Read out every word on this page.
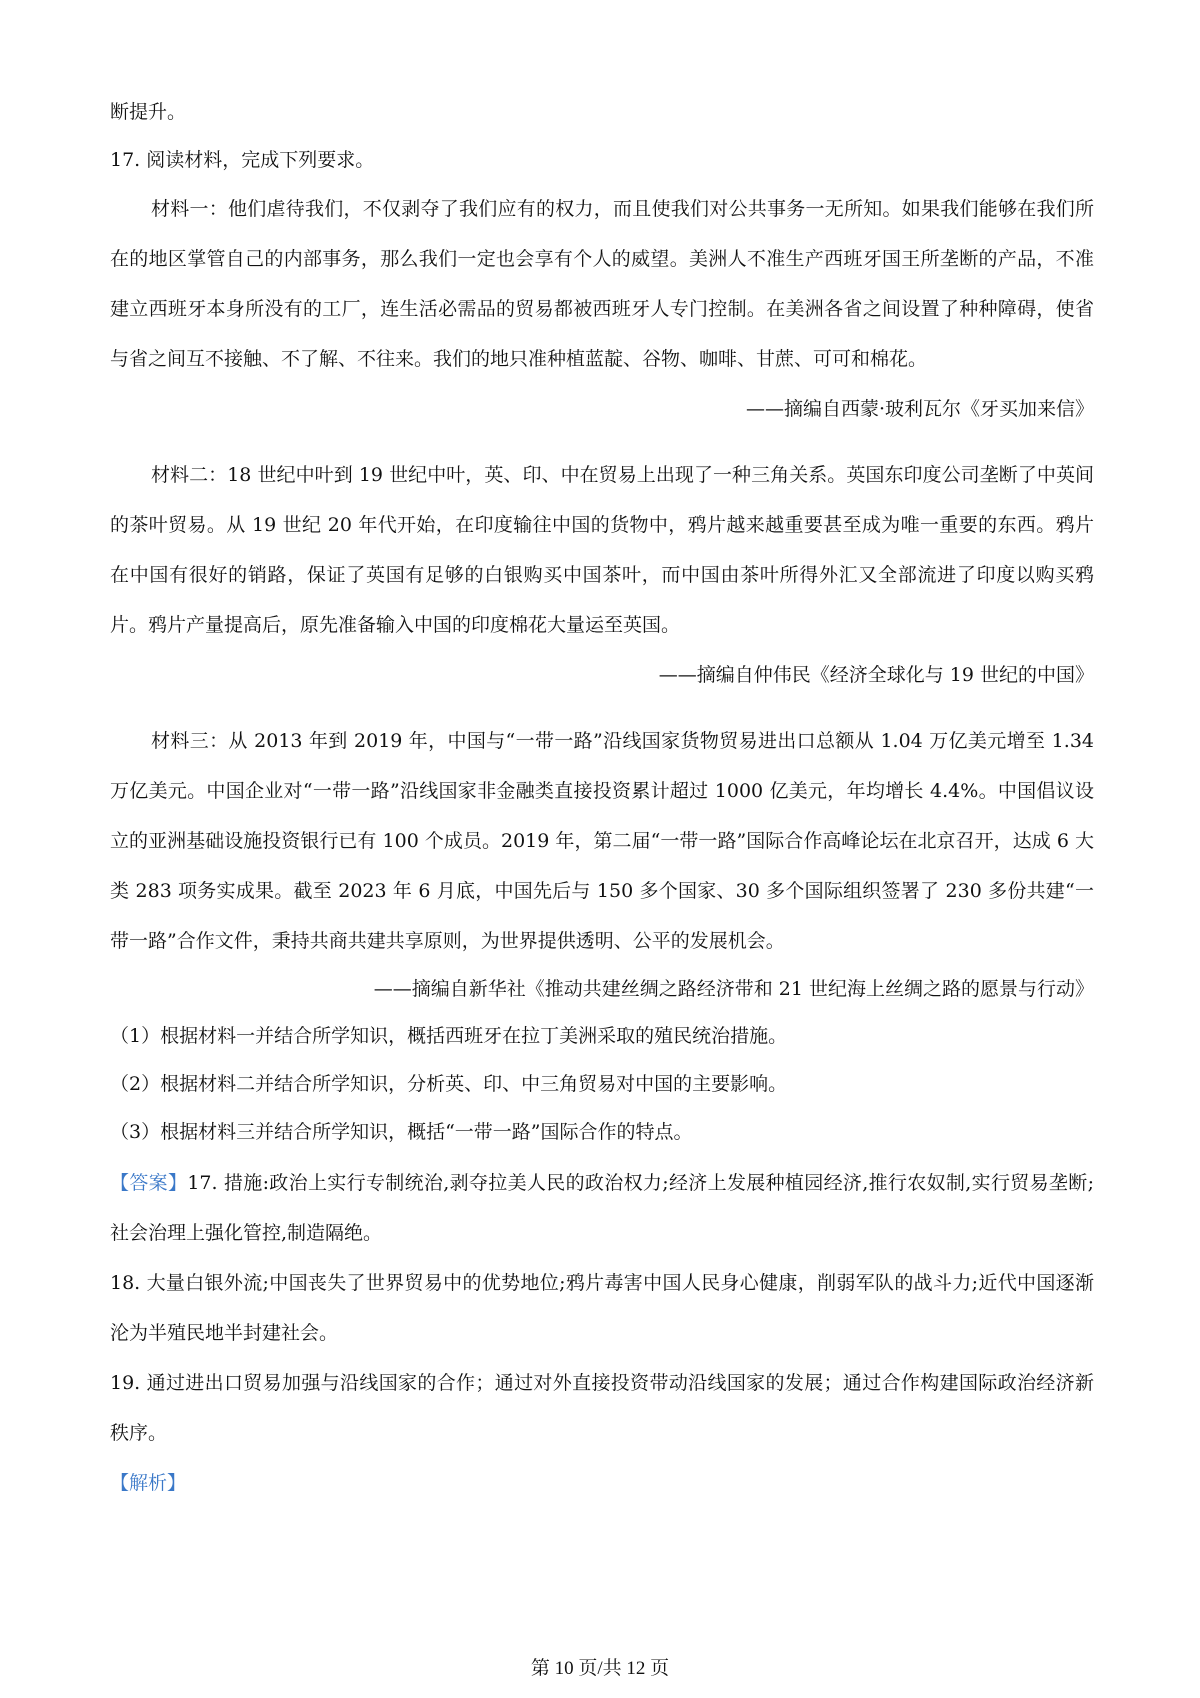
断提升。
17. 阅读材料，完成下列要求。

材料一：他们虐待我们，不仅剥夺了我们应有的权力，而且使我们对公共事务一无所知。如果我们能够在我们所在的地区掌管自己的内部事务，那么我们一定也会享有个人的威望。美洲人不准生产西班牙国王所垄断的产品，不准建立西班牙本身所没有的工厂，连生活必需品的贸易都被西班牙人专门控制。在美洲各省之间设置了种种障碍，使省与省之间互不接触、不了解、不往来。我们的地只准种植蓝靛、谷物、咖啡、甘蔗、可可和棉花。

——摘编自西蒙·玻利瓦尔《牙买加来信》

材料二：18 世纪中叶到 19 世纪中叶，英、印、中在贸易上出现了一种三角关系。英国东印度公司垄断了中英间的茶叶贸易。从 19 世纪 20 年代开始，在印度输往中国的货物中，鸦片越来越重要甚至成为唯一重要的东西。鸦片在中国有很好的销路，保证了英国有足够的白银购买中国茶叶，而中国由茶叶所得外汇又全部流进了印度以购买鸦片。鸦片产量提高后，原先准备输入中国的印度棉花大量运至英国。

——摘编自仲伟民《经济全球化与 19 世纪的中国》

材料三：从 2013 年到 2019 年，中国与“一带一路”沿线国家货物贸易进出口总额从 1.04 万亿美元增至 1.34 万亿美元。中国企业对“一带一路”沿线国家非金融类直接投资累计超过 1000 亿美元，年均增长 4.4%。中国倡议设立的亚洲基础设施投资银行已有 100 个成员。2019 年，第二届“一带一路”国际合作高峰论坛在北京召开，达成 6 大类 283 项务实成果。截至 2023 年 6 月底，中国先后与 150 多个国家、30 多个国际组织签署了 230 多份共建“一带一路”合作文件，秉持共商共建共享原则，为世界提供透明、公平的发展机会。

——摘编自新华社《推动共建丝绸之路经济带和 21 世纪海上丝绸之路的愿景与行动》

（1）根据材料一并结合所学知识，概括西班牙在拉丁美洲采取的殖民统治措施。
（2）根据材料二并结合所学知识，分析英、印、中三角贸易对中国的主要影响。
（3）根据材料三并结合所学知识，概括“一带一路”国际合作的特点。

【答案】17. 措施:政治上实行专制统治,剥夺拉美人民的政治权力;经济上发展种植园经济,推行农奴制,实行贸易垄断;社会治理上强化管控,制造隔绝。

18. 大量白银外流;中国丧失了世界贸易中的优势地位;鸦片毒害中国人民身心健康，削弱军队的战斗力;近代中国逐渐沦为半殖民地半封建社会。

19. 通过进出口贸易加强与沿线国家的合作；通过对外直接投资带动沿线国家的发展；通过合作构建国际政治经济新秩序。

【解析】
第 10 页/共 12 页
